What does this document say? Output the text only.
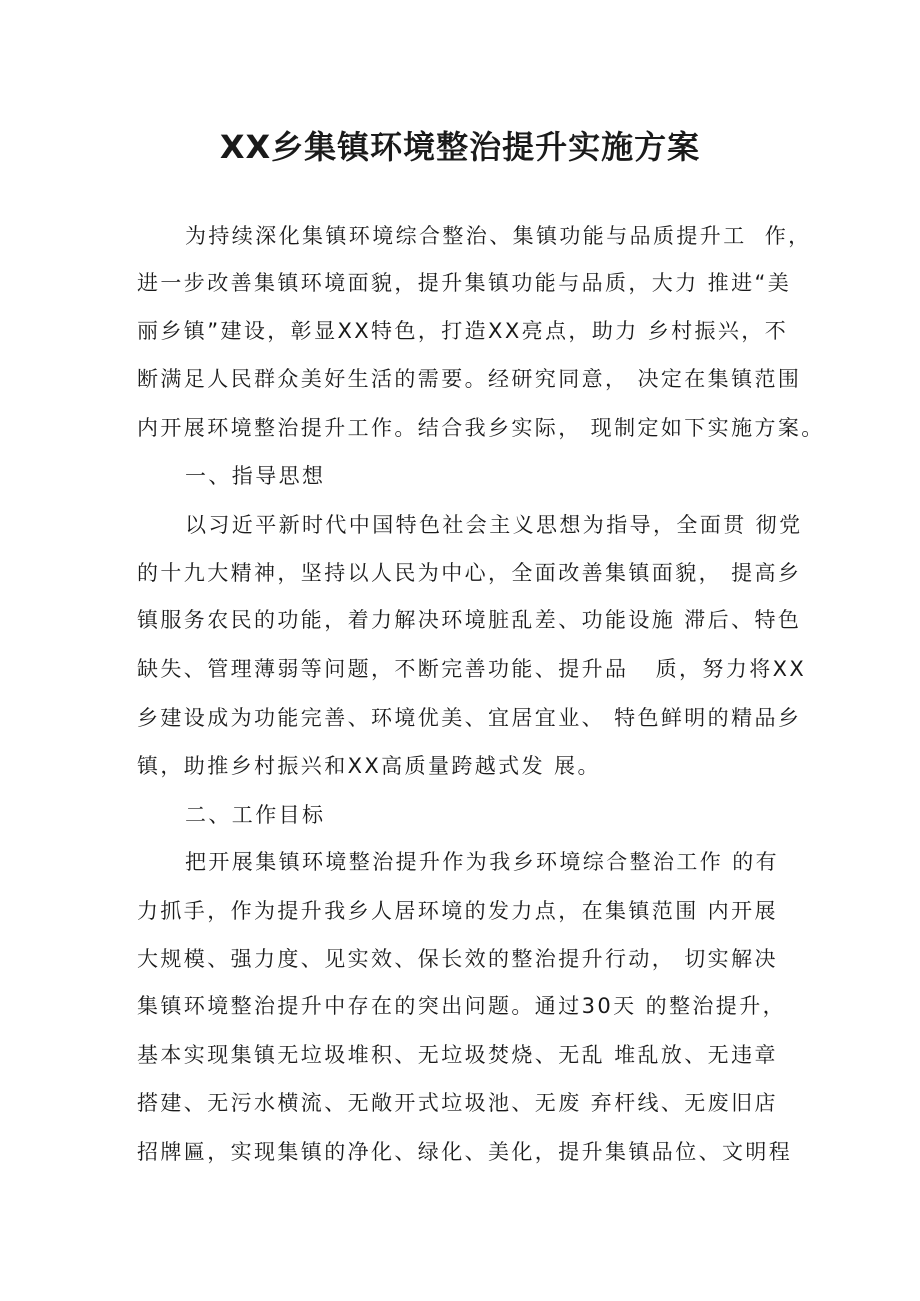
XX乡集镇环境整治提升实施方案

为持续深化集镇环境综合整治、集镇功能与品质提升工  作，

进一步改善集镇环境面貌，提升集镇功能与品质，大力 推进“美

丽乡镇”建设，彰显XX特色，打造XX亮点，助力 乡村振兴，不

断满足人民群众美好生活的需要。经研究同意， 决定在集镇范围

内开展环境整治提升工作。结合我乡实际， 现制定如下实施方案。

一、指导思想

以习近平新时代中国特色社会主义思想为指导，全面贯 彻党

的十九大精神，坚持以人民为中心，全面改善集镇面貌， 提高乡

镇服务农民的功能，着力解决环境脏乱差、功能设施 滞后、特色

缺失、管理薄弱等问题，不断完善功能、提升品   质，努力将XX

乡建设成为功能完善、环境优美、宜居宜业、 特色鲜明的精品乡

镇，助推乡村振兴和XX高质量跨越式发 展。

二、工作目标

把开展集镇环境整治提升作为我乡环境综合整治工作 的有

力抓手，作为提升我乡人居环境的发力点，在集镇范围 内开展

大规模、强力度、见实效、保长效的整治提升行动， 切实解决

集镇环境整治提升中存在的突出问题。通过30天 的整治提升，

基本实现集镇无垃圾堆积、无垃圾焚烧、无乱 堆乱放、无违章

搭建、无污水横流、无敞开式垃圾池、无废 弃杆线、无废旧店

招牌匾，实现集镇的净化、绿化、美化，提升集镇品位、文明程
